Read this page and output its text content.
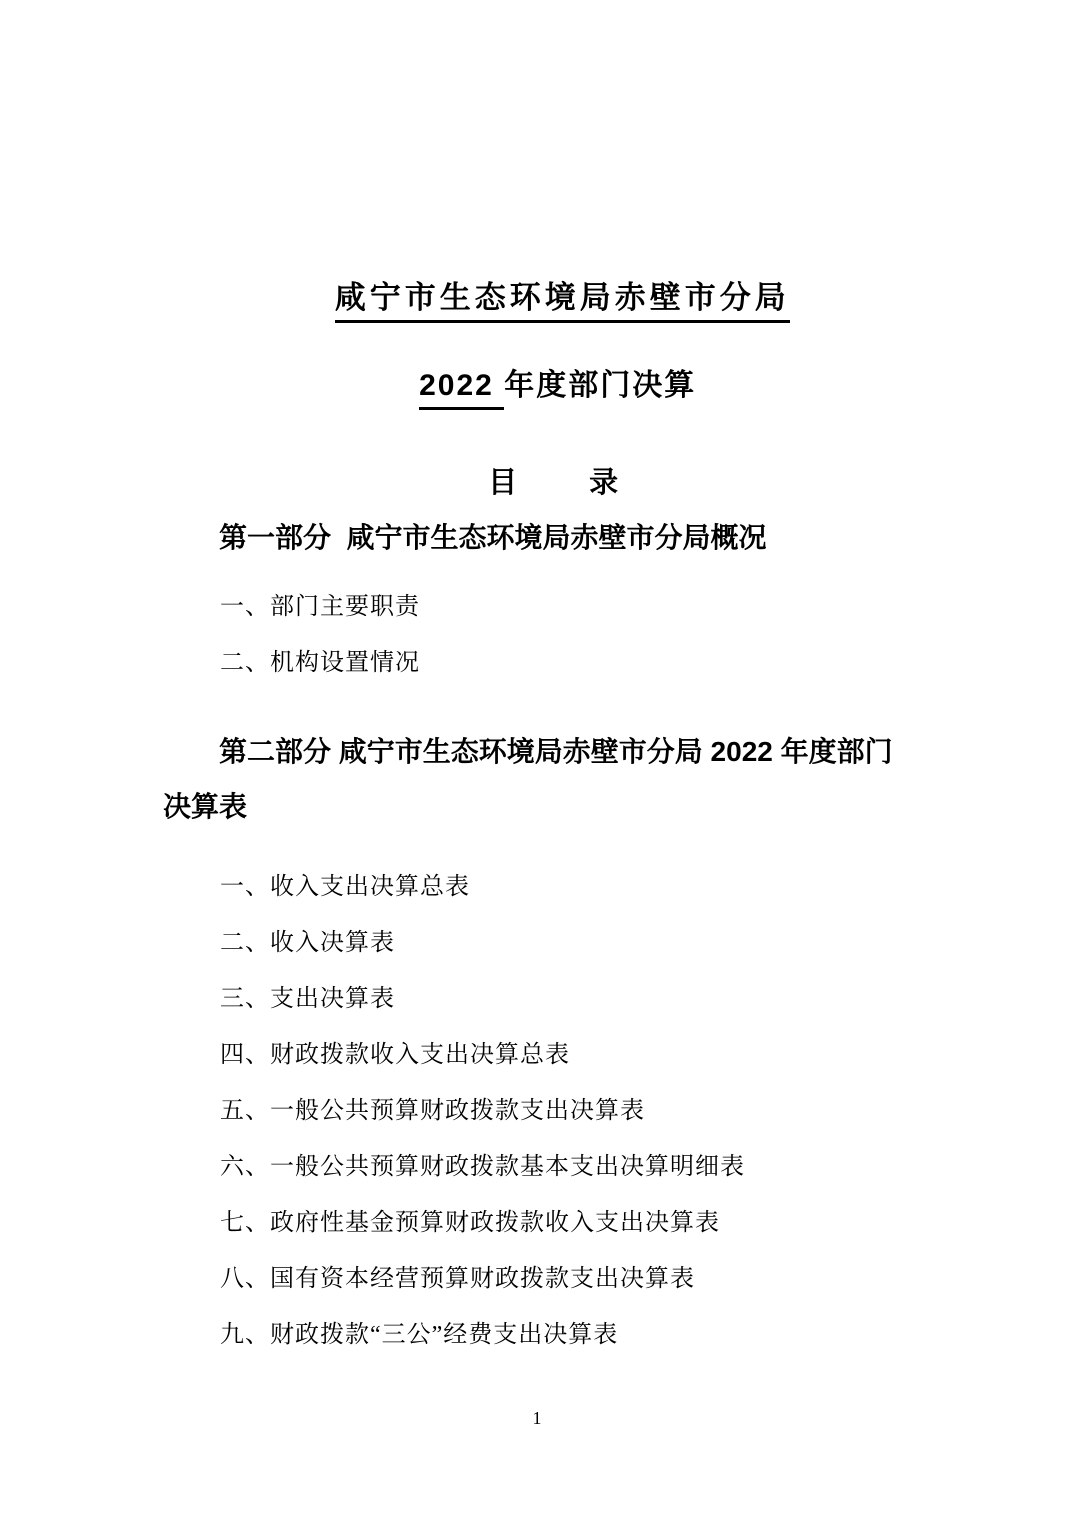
咸宁市生态环境局赤壁市分局

2022 年度部门决算

目 录

第一部分  咸宁市生态环境局赤壁市分局概况
一、部门主要职责
二、机构设置情况
第二部分 咸宁市生态环境局赤壁市分局 2022 年度部门
决算表
一、收入支出决算总表
二、收入决算表
三、支出决算表
四、财政拨款收入支出决算总表
五、一般公共预算财政拨款支出决算表
六、一般公共预算财政拨款基本支出决算明细表
七、政府性基金预算财政拨款收入支出决算表
八、国有资本经营预算财政拨款支出决算表
九、财政拨款“三公”经费支出决算表
1
